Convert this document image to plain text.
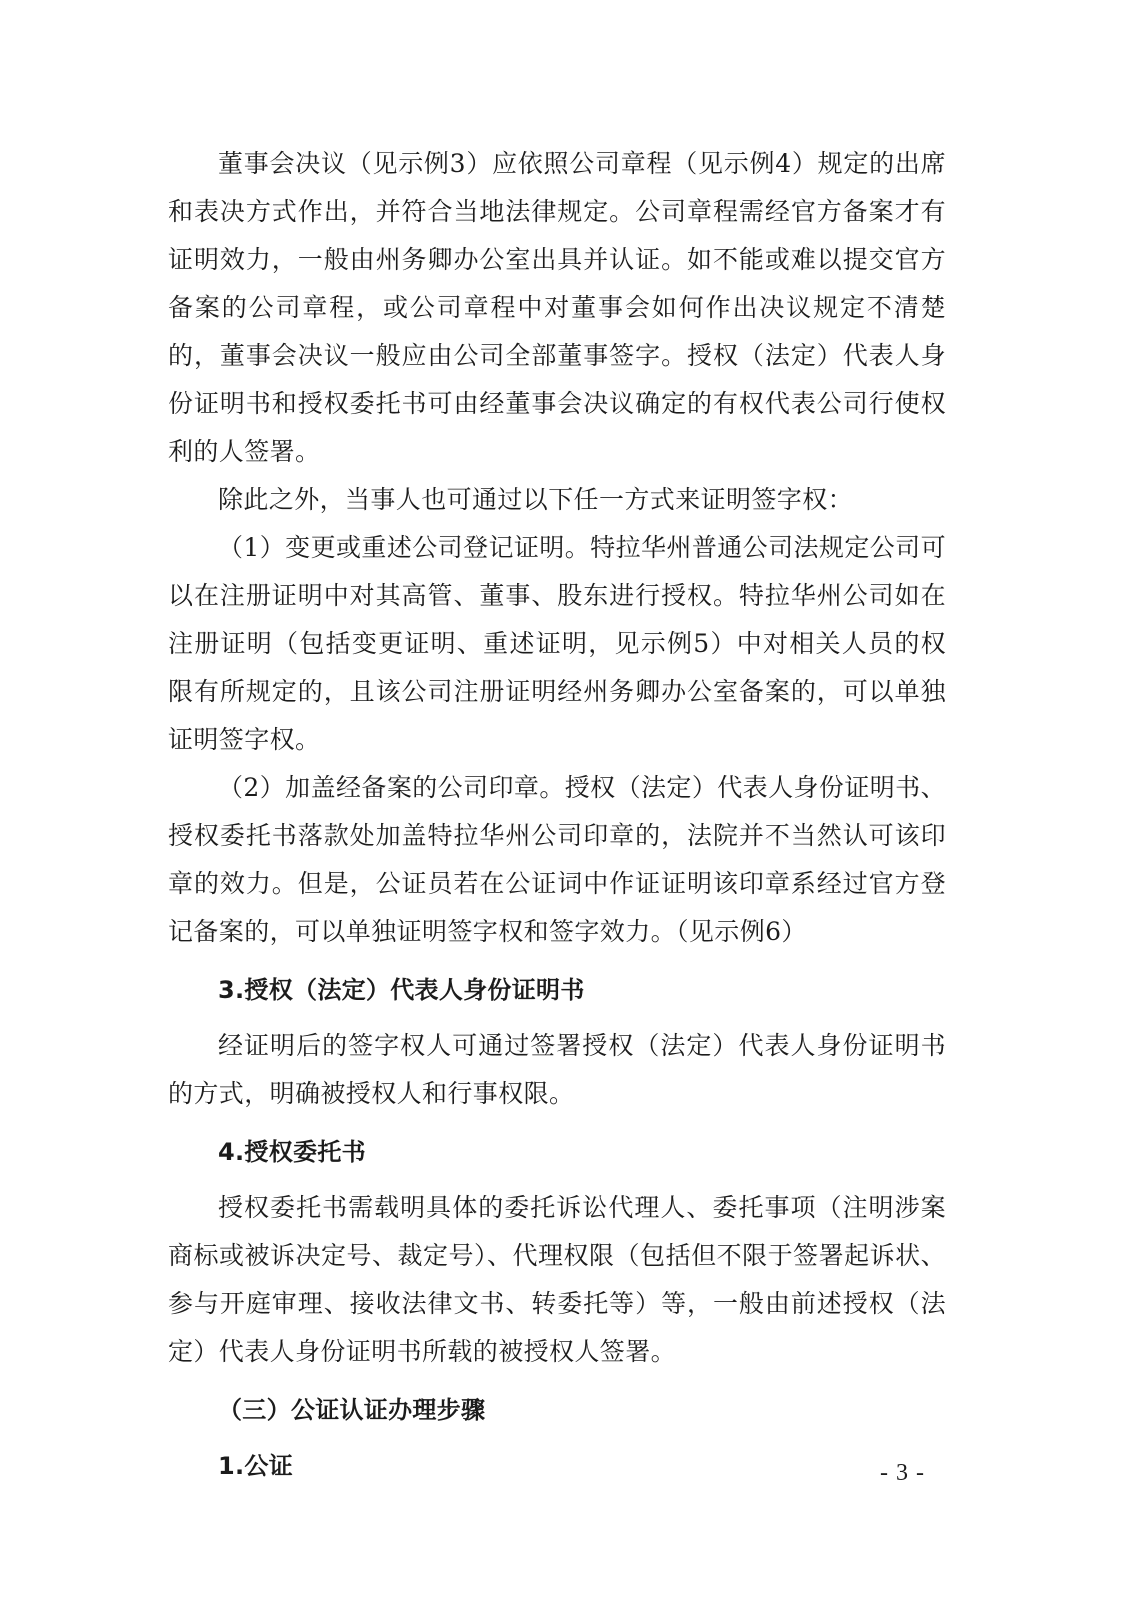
董事会决议（见示例3）应依照公司章程（见示例4）规定的出席和表决方式作出，并符合当地法律规定。公司章程需经官方备案才有证明效力，一般由州务卿办公室出具并认证。如不能或难以提交官方备案的公司章程，或公司章程中对董事会如何作出决议规定不清楚的，董事会决议一般应由公司全部董事签字。授权（法定）代表人身份证明书和授权委托书可由经董事会决议确定的有权代表公司行使权利的人签署。

除此之外，当事人也可通过以下任一方式来证明签字权：

（1）变更或重述公司登记证明。特拉华州普通公司法规定公司可以在注册证明中对其高管、董事、股东进行授权。特拉华州公司如在注册证明（包括变更证明、重述证明，见示例5）中对相关人员的权限有所规定的，且该公司注册证明经州务卿办公室备案的，可以单独证明签字权。

（2）加盖经备案的公司印章。授权（法定）代表人身份证明书、授权委托书落款处加盖特拉华州公司印章的，法院并不当然认可该印章的效力。但是，公证员若在公证词中作证证明该印章系经过官方登记备案的，可以单独证明签字权和签字效力。（见示例6）

3.授权（法定）代表人身份证明书

经证明后的签字权人可通过签署授权（法定）代表人身份证明书的方式，明确被授权人和行事权限。

4.授权委托书

授权委托书需载明具体的委托诉讼代理人、委托事项（注明涉案商标或被诉决定号、裁定号）、代理权限（包括但不限于签署起诉状、参与开庭审理、接收法律文书、转委托等）等，一般由前述授权（法定）代表人身份证明书所载的被授权人签署。

（三）公证认证办理步骤
1.公证	- 3 -
